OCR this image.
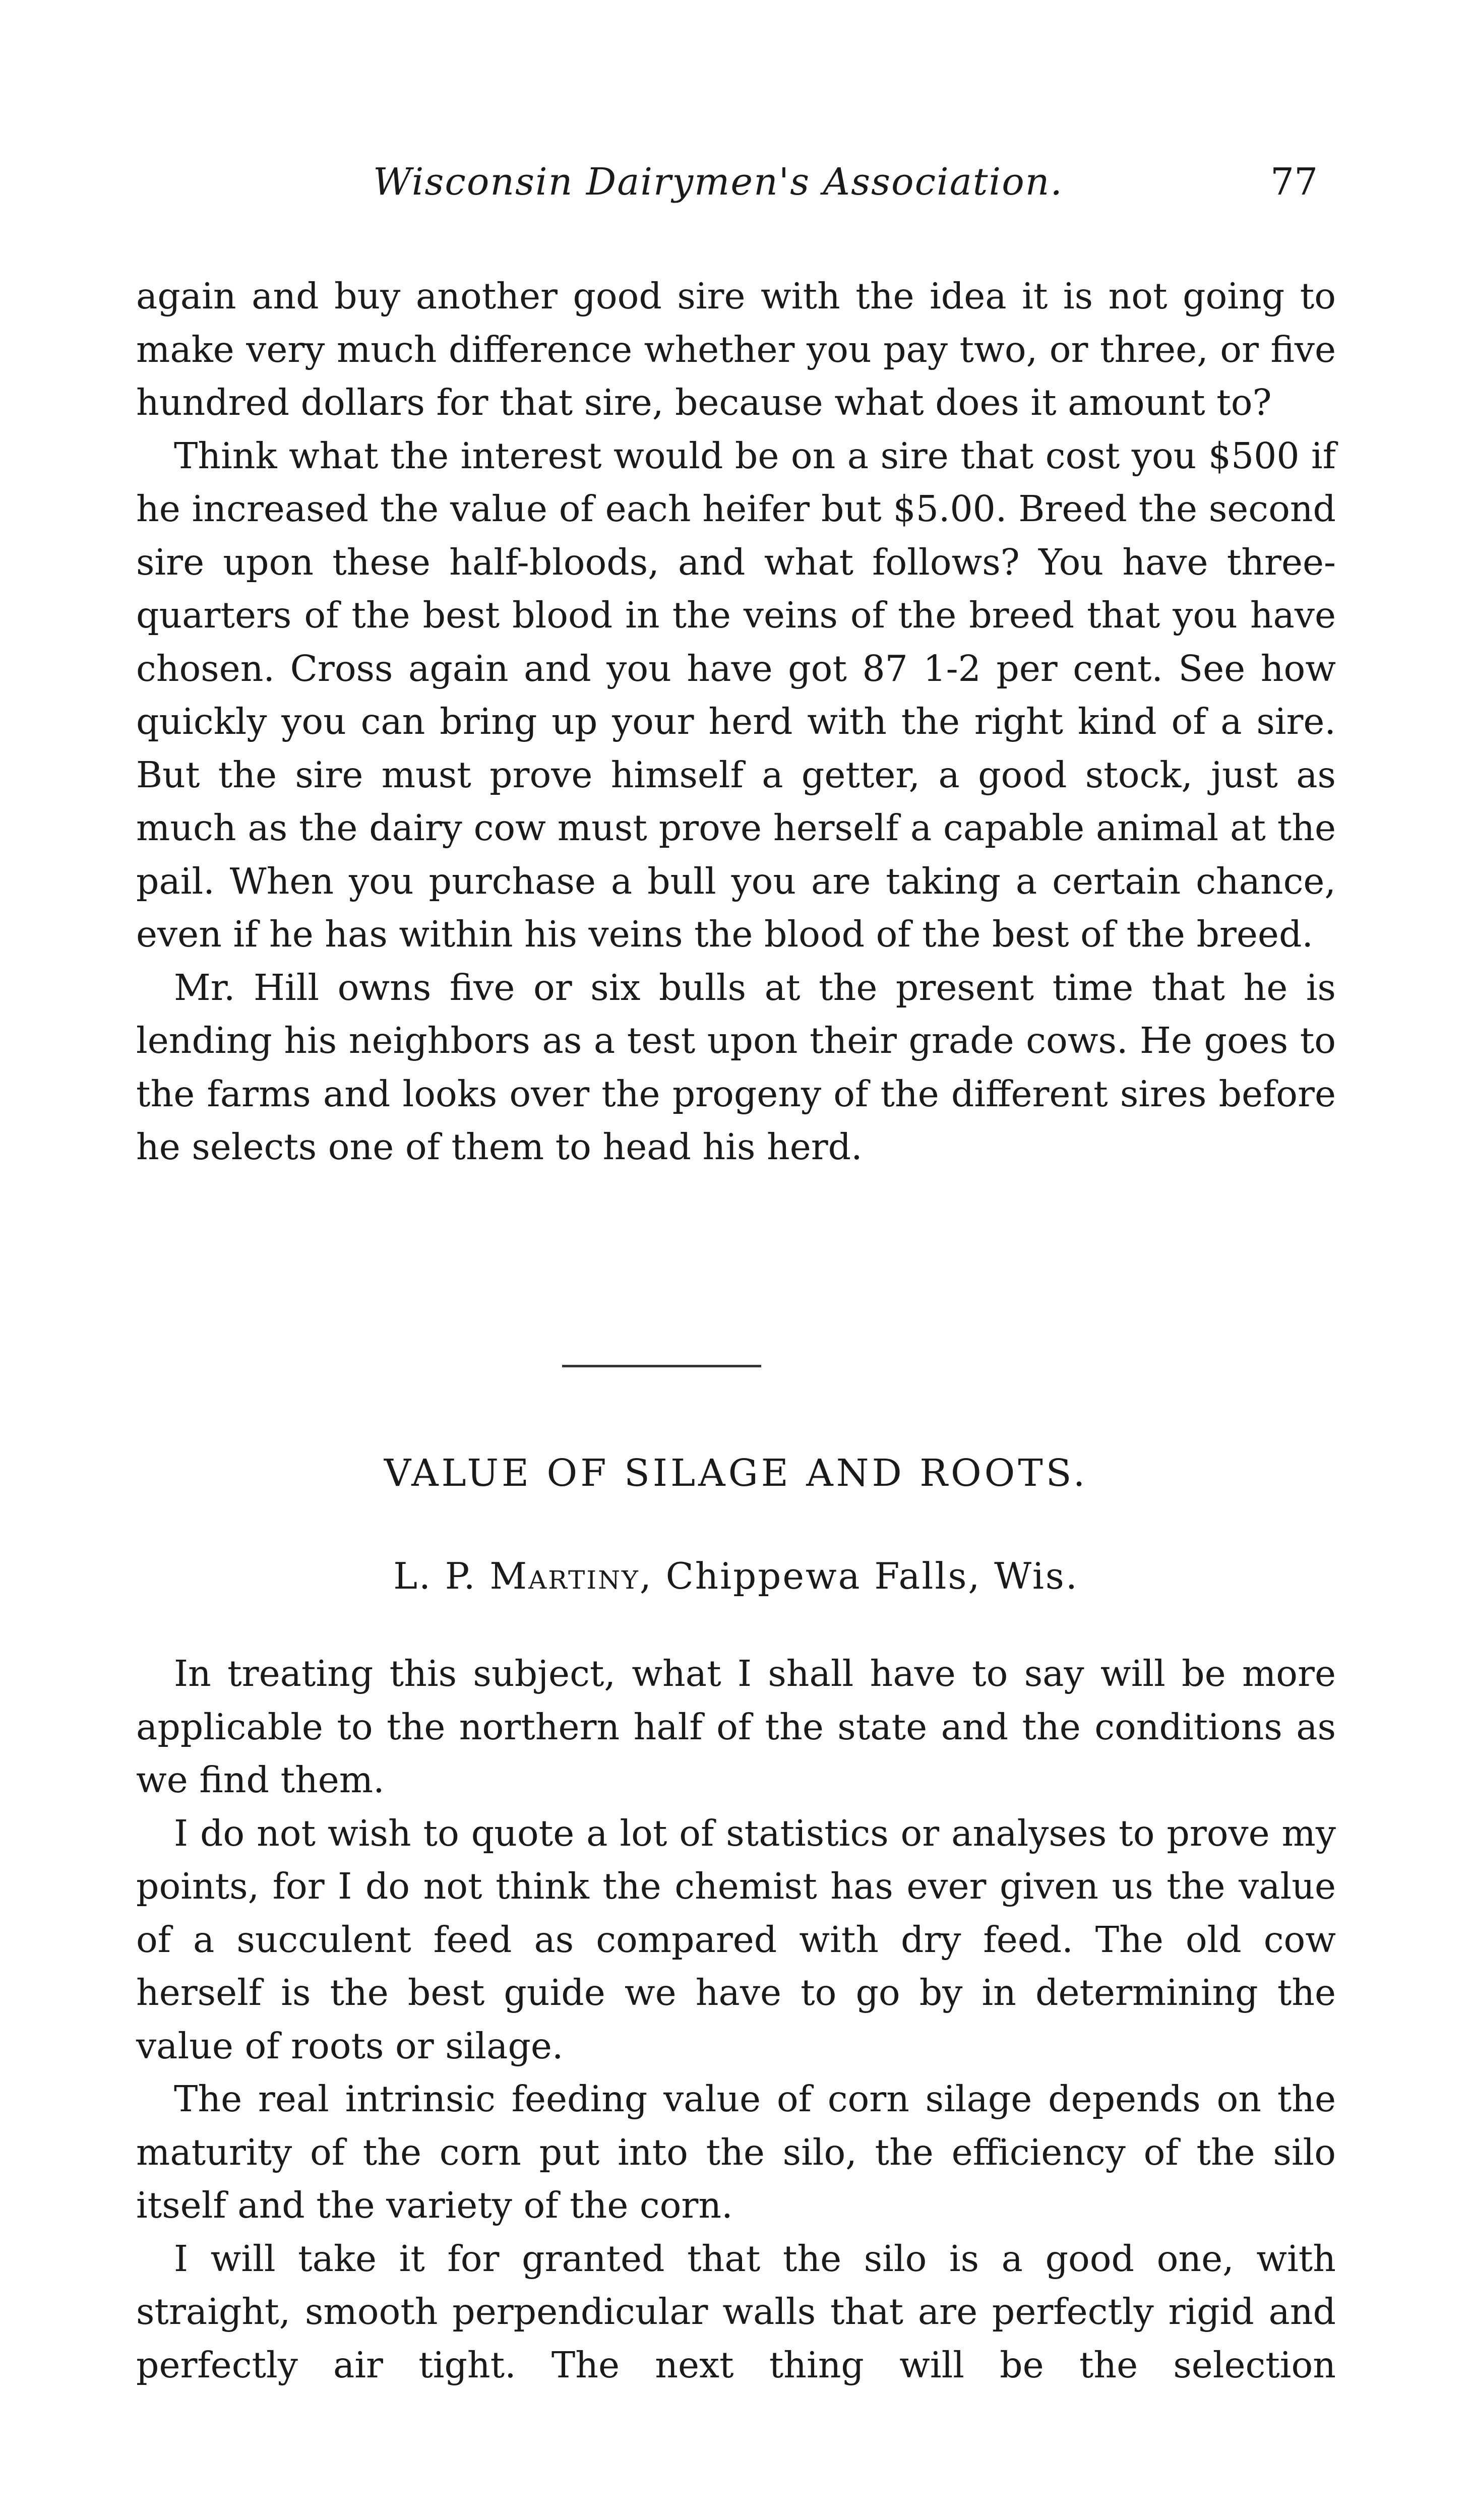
Wisconsin Dairymen's Association.	77

again and buy another good sire with the idea it is not going to make very much difference whether you pay two, or three, or five hundred dollars for that sire, because what does it amount to?

Think what the interest would be on a sire that cost you $500 if he increased the value of each heifer but $5.00. Breed the second sire upon these half-bloods, and what follows? You have three-quarters of the best blood in the veins of the breed that you have chosen. Cross again and you have got 87 1-2 per cent. See how quickly you can bring up your herd with the right kind of a sire. But the sire must prove himself a getter, a good stock, just as much as the dairy cow must prove herself a capable animal at the pail. When you purchase a bull you are taking a certain chance, even if he has within his veins the blood of the best of the breed.

Mr. Hill owns five or six bulls at the present time that he is lending his neighbors as a test upon their grade cows. He goes to the farms and looks over the progeny of the different sires before he selects one of them to head his herd.

VALUE OF SILAGE AND ROOTS.
L. P. Martiny, Chippewa Falls, Wis.

In treating this subject, what I shall have to say will be more applicable to the northern half of the state and the conditions as we find them.

I do not wish to quote a lot of statistics or analyses to prove my points, for I do not think the chemist has ever given us the value of a succulent feed as compared with dry feed. The old cow herself is the best guide we have to go by in determining the value of roots or silage.

The real intrinsic feeding value of corn silage depends on the maturity of the corn put into the silo, the efficiency of the silo itself and the variety of the corn.

I will take it for granted that the silo is a good one, with straight, smooth perpendicular walls that are perfectly rigid and perfectly air tight. The next thing will be the selection
